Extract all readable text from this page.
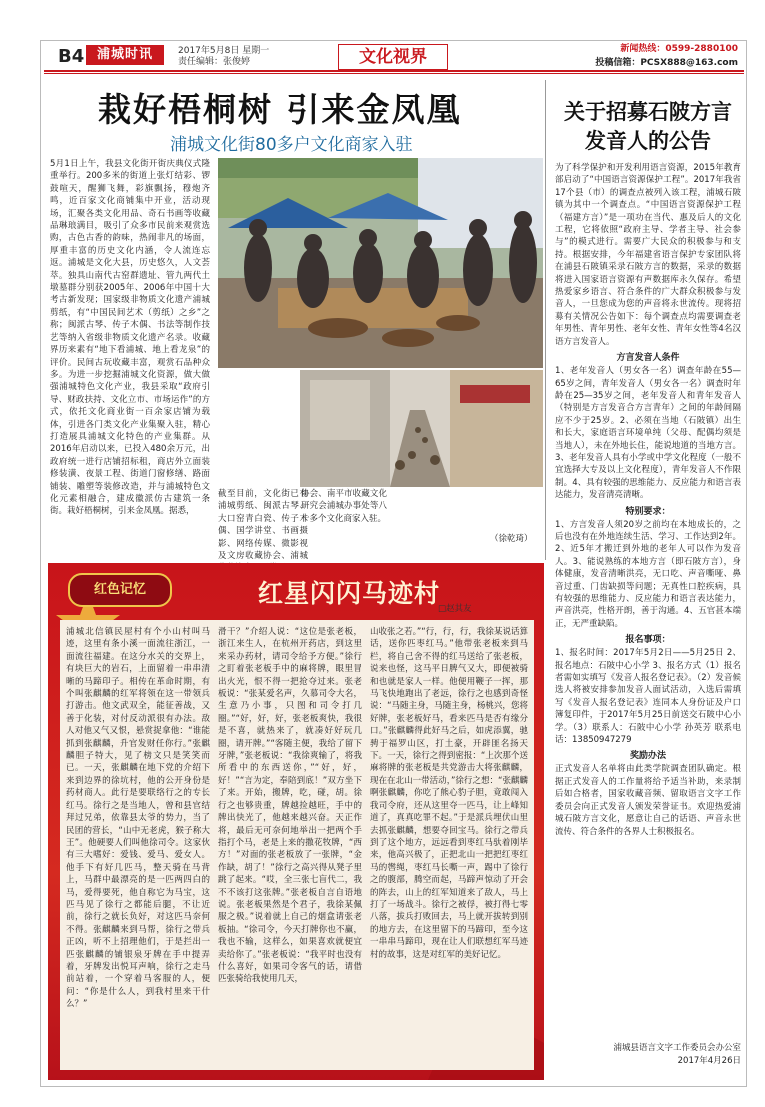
B4 浦城时讯	2017年5月8日 星期一
责任编辑：张俊婷	文化视界	新闻热线：0599-2880100
投稿信箱：PCSX888@163.com
栽好梧桐树 引来金凤凰
浦城文化街80多户文化商家入驻
5月1日上午，我县文化街开街庆典仪式隆重举行。200多米的街道上张灯结彩、锣鼓喧天，醒狮飞舞，彩旗飘扬，穆炮齐鸣，近百家文化商铺集中开业，活动现场，汇聚各类文化用品、奇石书画等收藏品琳琅满目，吸引了众多市民前来观赏选购，古色古香的韵味，热闹非凡的场面，厚重丰富的历史文化内涵，令人流连忘返。浦城是文化大县，历史悠久，人文荟萃。独具山南代古窑群遗址、管九两代土墩墓群分别获2005年、2006年中国十大考古新发现；国家级非物质文化遗产浦城剪纸，有“中国民间艺术（剪纸）之乡”之称；闽派古琴、传子木偶、书法等制作技艺等纳入省级非物质文化遗产名录。收藏界历来素有“地下看浦城、地上看龙泉”的评价。民间古玩收藏丰富，观赏石品种众多。为进一步挖掘浦城文化资源，做大做强浦城特色文化产业，我县采取“政府引导、财政扶持、文化立市、市场运作”的方式，依托文化商业街一百余家店铺为载体，引进各门类文化产业集聚入驻，精心打造展具浦城文化特色的产业集群。从2016年启动以来，已投入480余万元，出政府统一进行店铺招标租，商店外立面装修装潢、夜景工程、街道门窗修缮、路面铺装、雕塑等装修改造，并与浦城特色文化元素相融合，建成徽派仿古建筑一条街。栽好梧桐树，引来金凤凰。据悉，
截至目前，文化街已有浦城剪纸、闽派古琴、大口窑青白瓷、传子木偶、国学讲堂、书画摄影、网络传媒、微影视及文房收藏协会、浦城
协会、南平市收藏文化研究会浦城办事处等八十多个文化商家入驻。
（徐乾琦）
关于招募石陂方言发音人的公告
为了科学保护和开发利用语言资源，2015年教育部启动了“中国语言资源保护工程”。2017年我省17个县（市）的调查点被列入该工程，浦城石陂镇为其中一个调查点。“中国语言资源保护工程（福建方言）”是一项功在当代、惠及后人的文化工程，它将依照“政府主导、学者主导、社会参与”的模式进行。需要广大民众的积极参与和支持。根据安排，今年福建省语言保护专家团队将在浦县石陂镇采录石陂方言的数据，采录的数据将进入国家语言资源有声数据库永久保存。希望热爱家乡语言、符合条件的广大群众积极参与发音人，一旦您成为您的声音将永世流传。现将招募有关情况公告如下：每个调查点均需要调查老年男性、青年男性、老年女性、青年女性等4名汉语方言发音人。
方言发音人条件
1、老年发音人（男女各一名）调查年龄在55—65岁之间，青年发音人（男女各一名）调查时年龄在25—35岁之间，老年发音人和青年发音人（特别是方言发音合方言青年）之间的年龄间隔应不少于25岁。2、必须在当地（石陂镇）出生和长大，家庭语言环境单纯（父母、配偶均须是当地人），未在外地长住，能说地道的当地方言。3、老年发音人具有小学或中学文化程度（一般不宜选择大专及以上文化程度），青年发音人不作限制。4、具有较强的思维能力、反应能力和语言表达能力，发音清亮清晰。
特别要求：
1、方言发音人须20岁之前均在本地成长的，之后也没有在外地连续生活、学习、工作达到2年。2、近5年才搬迁到外地的老年人可以作为发音人。3、能说熟练的本地方言（即石陂方言），身体健康，发音清晰洪亮，无口吃、声音嘶哑、鼻音过重、门齿缺损等问题；无真性口腔疾病，具有较强的思维能力、反应能力和语言表达能力，声音洪亮，性格开朗，善于沟通。4、五官甚本端正，无严重缺陷。
报名事项：
1、报名时间：2017年5月2日——5月25日 2、报名地点：石陂中心小学 3、报名方式（1）报名者需如实填写《发音人报名登记表》。（2）发音候选人将被安排参加发音人面试活动，入选后需填写《发音人报名登记表》连同本人身份证及户口簿复印件，于2017年5月25日前送交石陂中心小学。（3）联系人：石陂中心小学 孙英芳 联系电话：13850947279
奖励办法
正式发音人名单将由此类学院调查团队确定。根据正式发音人的工作量将给予适当补助，来录制后如合格者，国家收藏音频、留取语言文字工作委员会向正式发音人颁发荣誉证书。欢迎热爱浦城石陂方言文化，愿意让自己的话语、声音永世流传、符合条件的各界人士积极报名。
浦城县语言文字工作委员会办公室
2017年4月26日
红色记忆	红星闪闪马迹村
□赵其友
浦城北信镇民屋村有个小山村叫马迹，这里有条小溪一面流往浙江，一面流往福建。在这分水关的交界上，有块巨大的岩石，上面留着一串串清晰的马蹄印子。相传在革命时期，有个叫张麒麟的红军将领在这一带领兵打游击。他文武双全，能征善战，又善于化装，对付反动派很有办法。敌人对他又气又恨，悬赏捉拿他：“谁能抓到张麒麟，升官发财任你行。”张麒麟胆子特大，见了榜文只是笑笑而已。一天，张麒麟在地下党的介绍下来到边界的徐坑村，他的公开身份是药材商人。此行是要联络行之的专长红马。徐行之是当地人，曾和县官结拜过兄弟，依靠县太爷的势力，当了民团的营长，“山中无老虎，猴子称大王”。他硬要人们叫他徐司令。这家伙有三大嗜好：爱钱、爱马、爱女人。他手下有好几匹马，整天骑在马背上，马群中最漂亮的是一匹两四白的马，爱得要死，他自称它为马宝，这匹马见了徐行之都能后腿，不让近前，徐行之就长负好，对这匹马奈何不得。张麒麟来到马帮，徐行之带兵正凶，听不上招理他们，于是拦出一匹张麒麟的铺银泉牙牌在手中提弄着，牙牌发出悦耳声响，徐行之走马前站着，一个穿着马客服的人，便问：“你是什么人，到我村里来干什么？”
滑干？”介绍人说：“这位是张老板，浙江来生人，在杭州开药店，到这里来采办药材，请司令给予方便。”徐行之盯着张老板手中的麻将牌，眼里冒出火光，恨不得一把抢夺过来。张老板说：“张某爱名声，久慕司令大名，生意乃小事，只图和司令打几圈。”“好，好，好，张老板爽快，我很是不喜，就热来了，就凑好好玩几圈，请开牌。”“客随主便，我给了留下牙牌，”张老板说：“我徐爽输了，将我所看中的东西送你，”“好，好，好！”“言为定，奉陪到底！”双方坐下了来。开始，搬牌，吃，碰，胡。徐行之也够贵重，牌越捡越旺，手中的牌出快光了，他越来越兴奋。天正作将，最后无可奈何地举出一把两个手指打个马，老是上来的撒花牧牌，“西方！”对面的张老板放了一张牌，“金作缺，胡了！”徐行之高兴得从凳子里跳了起来。“哎，全三张七盲代二，我不不该打这张牌。”张老板自言自语地说。张老板果然是个君子，我徐某佩服之极。”说着就上自己的烟盒请张老板抽。“徐司令，今天打牌你也不赢，我也不输，这样么，如果喜欢就便宜卖给你了。”张老板说：“我平时也没有什么喜好，如果司令客气的话，请借匹张骑给我使用几天，
山收张之若。”“行，行，行，我徐某说话算话，送你匹枣红马。”他带张老板来到马栏，将自己舍不得的红马送给了张老板，说来也怪，这马平日脾气又大，即便被骑和也就是家人一样。他便用鞭子一挥，那马飞快地跑出了老远，徐行之也感到奇怪说：“马随主身，马随主身，杨桃兴，您将好牌，张老板好马，看来匹马是否有缘分口。”张麒麟得此好马之后，如虎添翼，驰骋于福罗山区，打土豪，开辟匪名扬天下。一天，徐行之得到密报：“上次那个送麻将牌的张老板是共党游击大将张麒麟，现在在北山一带活动，”徐行之想：“张麒麟啊张麒麟，你吃了熊心豹子胆，竟敢闯入我司令府，还从这里夺一匹马，让上峰知道了，真真吃罪不起。”于是派兵埋伏山里去抓张麒麟，想要夺回宝马。徐行之带兵到了这个地方，远远看到枣红马驮着刚毕来，他高兴极了，正把北山一把把红枣红马的辔绳，枣红马长嘶一声，踢中了徐行之的腹部，腾空而起，马蹄声惊动了开会的阵去，山上的红军知道来了敌人，马上打了一场战斗。徐行之被俘，被打得七零八落，拔兵打败回去，马上就开拔转到别的地方去，在这里留下的马蹄印，至今这一串串马蹄印，现在让人们联想红军马迹村的故事，这是对红军的美好记忆。
